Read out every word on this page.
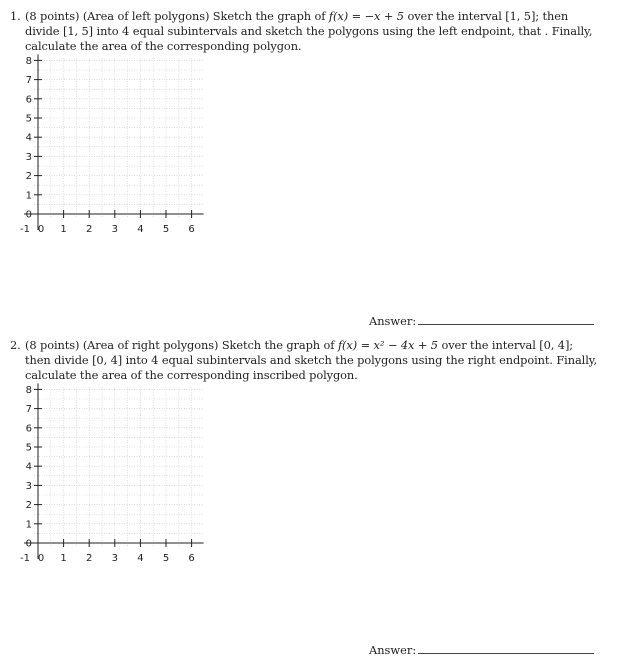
1. (8 points) (Area of left polygons) Sketch the graph of f(x) = −x + 5 over the interval [1, 5]; then divide [1, 5] into 4 equal subintervals and sketch the polygons using the left endpoint, that . Finally, calculate the area of the corresponding polygon.
8
7
6
5
4
3
2
1
0
1 2 3 4 5 6
0
-1
Answer:
2. (8 points) (Area of right polygons) Sketch the graph of f(x) = x² − 4x + 5 over the interval [0, 4]; then divide [0, 4] into 4 equal subintervals and sketch the polygons using the right endpoint. Finally, calculate the area of the corresponding inscribed polygon.
8
7
6
5
4
3
2
1
0
1 2 3 4 5 6
0
-1
Answer:
